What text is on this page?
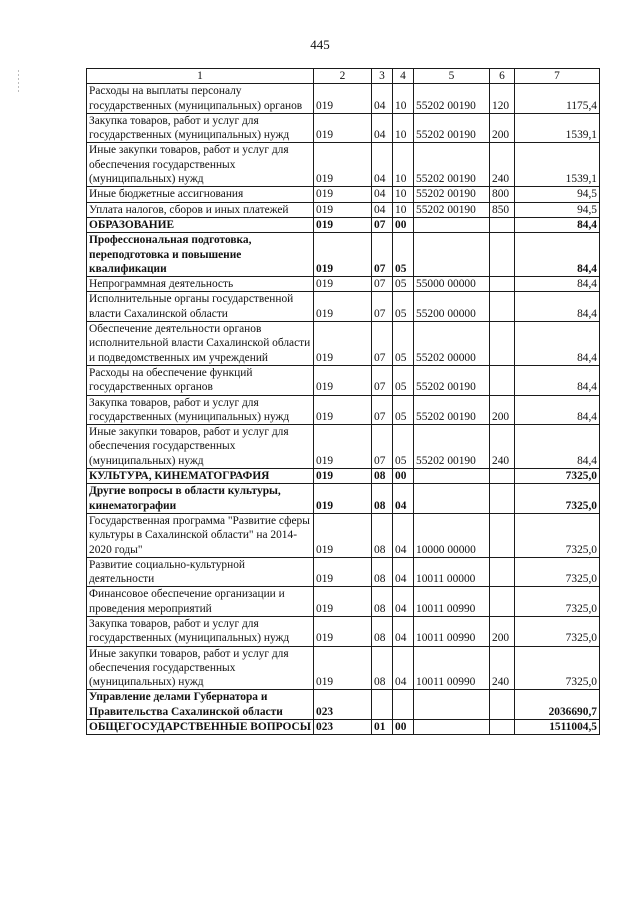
445
1	2	3	4	5	6	7
Расходы на выплаты персоналу государственных (муниципальных) органов	019	04	10	55202 00190	120	1175,4
Закупка товаров, работ и услуг для государственных (муниципальных) нужд	019	04	10	55202 00190	200	1539,1
Иные закупки товаров, работ и услуг для обеспечения государственных (муниципальных) нужд	019	04	10	55202 00190	240	1539,1
Иные бюджетные ассигнования	019	04	10	55202 00190	800	94,5
Уплата налогов, сборов и иных платежей	019	04	10	55202 00190	850	94,5
ОБРАЗОВАНИЕ	019	07	00			84,4
Профессиональная подготовка, переподготовка и повышение квалификации	019	07	05			84,4
Непрограммная деятельность	019	07	05	55000 00000		84,4
Исполнительные органы государственной власти Сахалинской области	019	07	05	55200 00000		84,4
Обеспечение деятельности органов исполнительной власти Сахалинской области и подведомственных им учреждений	019	07	05	55202 00000		84,4
Расходы на обеспечение функций государственных органов	019	07	05	55202 00190		84,4
Закупка товаров, работ и услуг для государственных (муниципальных) нужд	019	07	05	55202 00190	200	84,4
Иные закупки товаров, работ и услуг для обеспечения государственных (муниципальных) нужд	019	07	05	55202 00190	240	84,4
КУЛЬТУРА, КИНЕМАТОГРАФИЯ	019	08	00			7325,0
Другие вопросы в области культуры, кинематографии	019	08	04			7325,0
Государственная программа "Развитие сферы культуры в Сахалинской области" на 2014-2020 годы"	019	08	04	10000 00000		7325,0
Развитие социально-культурной деятельности	019	08	04	10011 00000		7325,0
Финансовое обеспечение организации и проведения мероприятий	019	08	04	10011 00990		7325,0
Закупка товаров, работ и услуг для государственных (муниципальных) нужд	019	08	04	10011 00990	200	7325,0
Иные закупки товаров, работ и услуг для обеспечения государственных (муниципальных) нужд	019	08	04	10011 00990	240	7325,0
Управление делами Губернатора и Правительства Сахалинской области	023					2036690,7
ОБЩЕГОСУДАРСТВЕННЫЕ ВОПРОСЫ	023	01	00			1511004,5
